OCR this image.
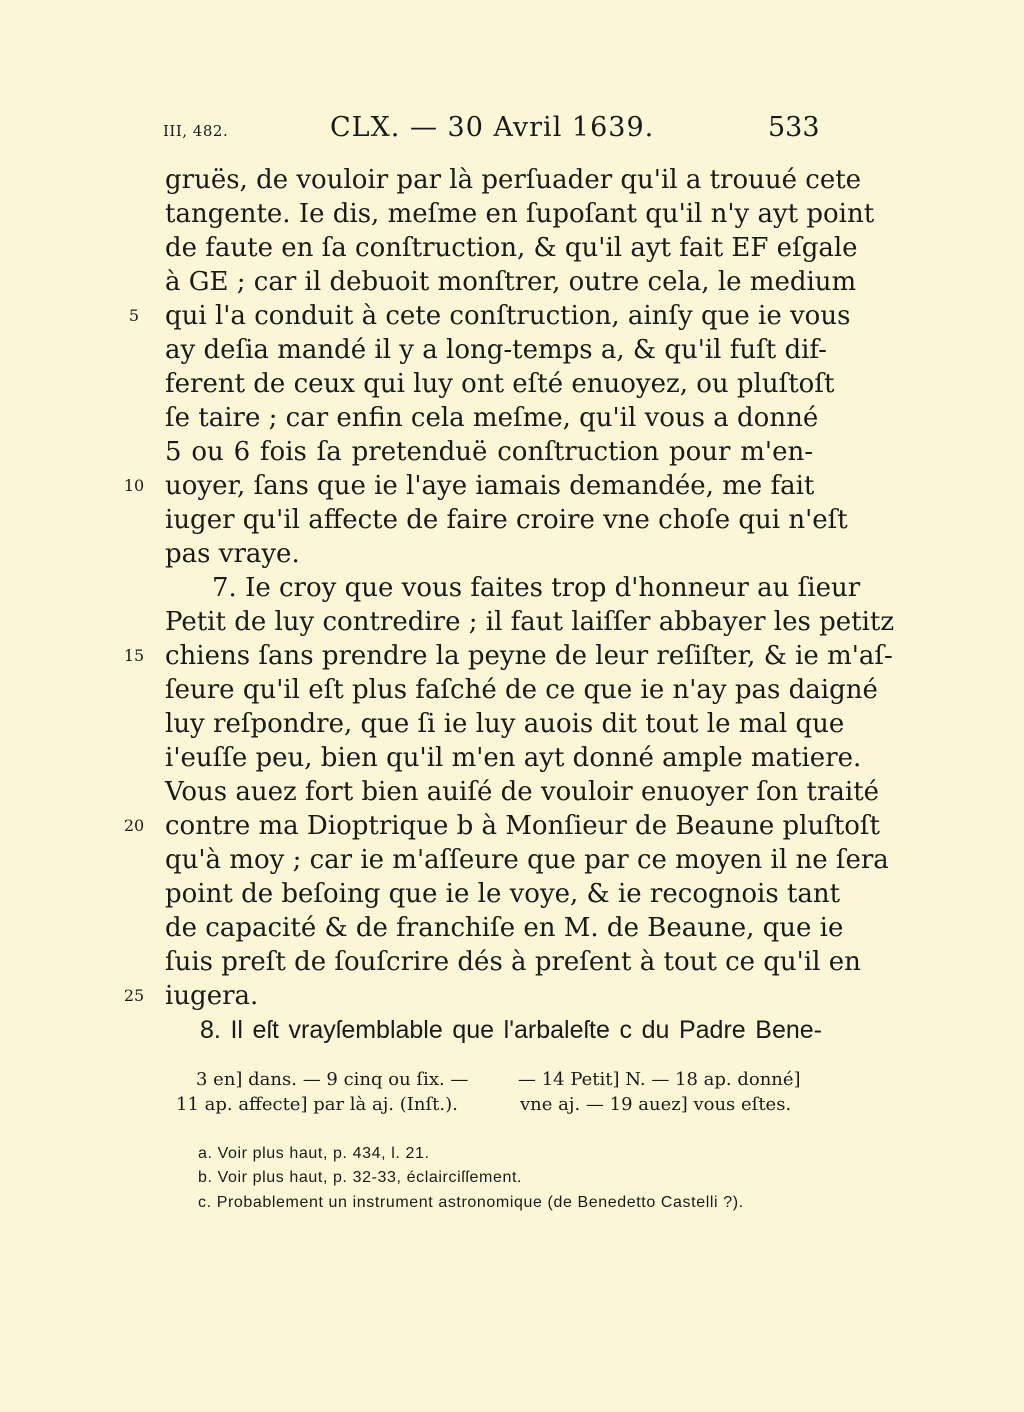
III, 482.	CLX. — 30 Avril 1639.	533
gruës, de vouloir par là perſuader qu'il a trouué cete
tangente. Ie dis, meſme en ſupoſant qu'il n'y ayt point
de faute en ſa conſtruction, & qu'il ayt fait EF eſgale
à GE ; car il debuoit monſtrer, outre cela, le medium
5 qui l'a conduit à cete conſtruction, ainſy que ie vous
ay deſia mandé il y a long-temps a, & qu'il fuſt dif-
ferent de ceux qui luy ont eſté enuoyez, ou pluſtoſt
ſe taire ; car enfin cela meſme, qu'il vous a donné
5 ou 6 fois ſa pretenduë conſtruction pour m'en-
10 uoyer, ſans que ie l'aye iamais demandée, me fait
iuger qu'il affecte de faire croire vne choſe qui n'eſt
pas vraye.
7. Ie croy que vous faites trop d'honneur au ſieur
Petit de luy contredire ; il faut laiſſer abbayer les petitz
15 chiens ſans prendre la peyne de leur reſiſter, & ie m'aſ-
ſeure qu'il eſt plus faſché de ce que ie n'ay pas daigné
luy reſpondre, que ſi ie luy auois dit tout le mal que
i'euſſe peu, bien qu'il m'en ayt donné ample matiere.
Vous auez fort bien auiſé de vouloir enuoyer ſon traité
20 contre ma Dioptrique b à Monſieur de Beaune pluſtoſt
qu'à moy ; car ie m'aſſeure que par ce moyen il ne ſera
point de beſoing que ie le voye, & ie recognois tant
de capacité & de franchiſe en M. de Beaune, que ie
ſuis preſt de ſouſcrire dés à preſent à tout ce qu'il en
25 iugera.
8. Il eſt vrayſemblable que l'arbaleſte c du Padre Bene-
3 en] dans. — 9 cinq ou ſix. —
11 ap. affecte] par là aj. (Inſt.).
— 14 Petit] N. — 18 ap. donné]
vne aj. — 19 auez] vous eſtes.
a. Voir plus haut, p. 434, l. 21.
b. Voir plus haut, p. 32-33, éclairciſſement.
c. Probablement un instrument astronomique (de Benedetto Castelli ?).
